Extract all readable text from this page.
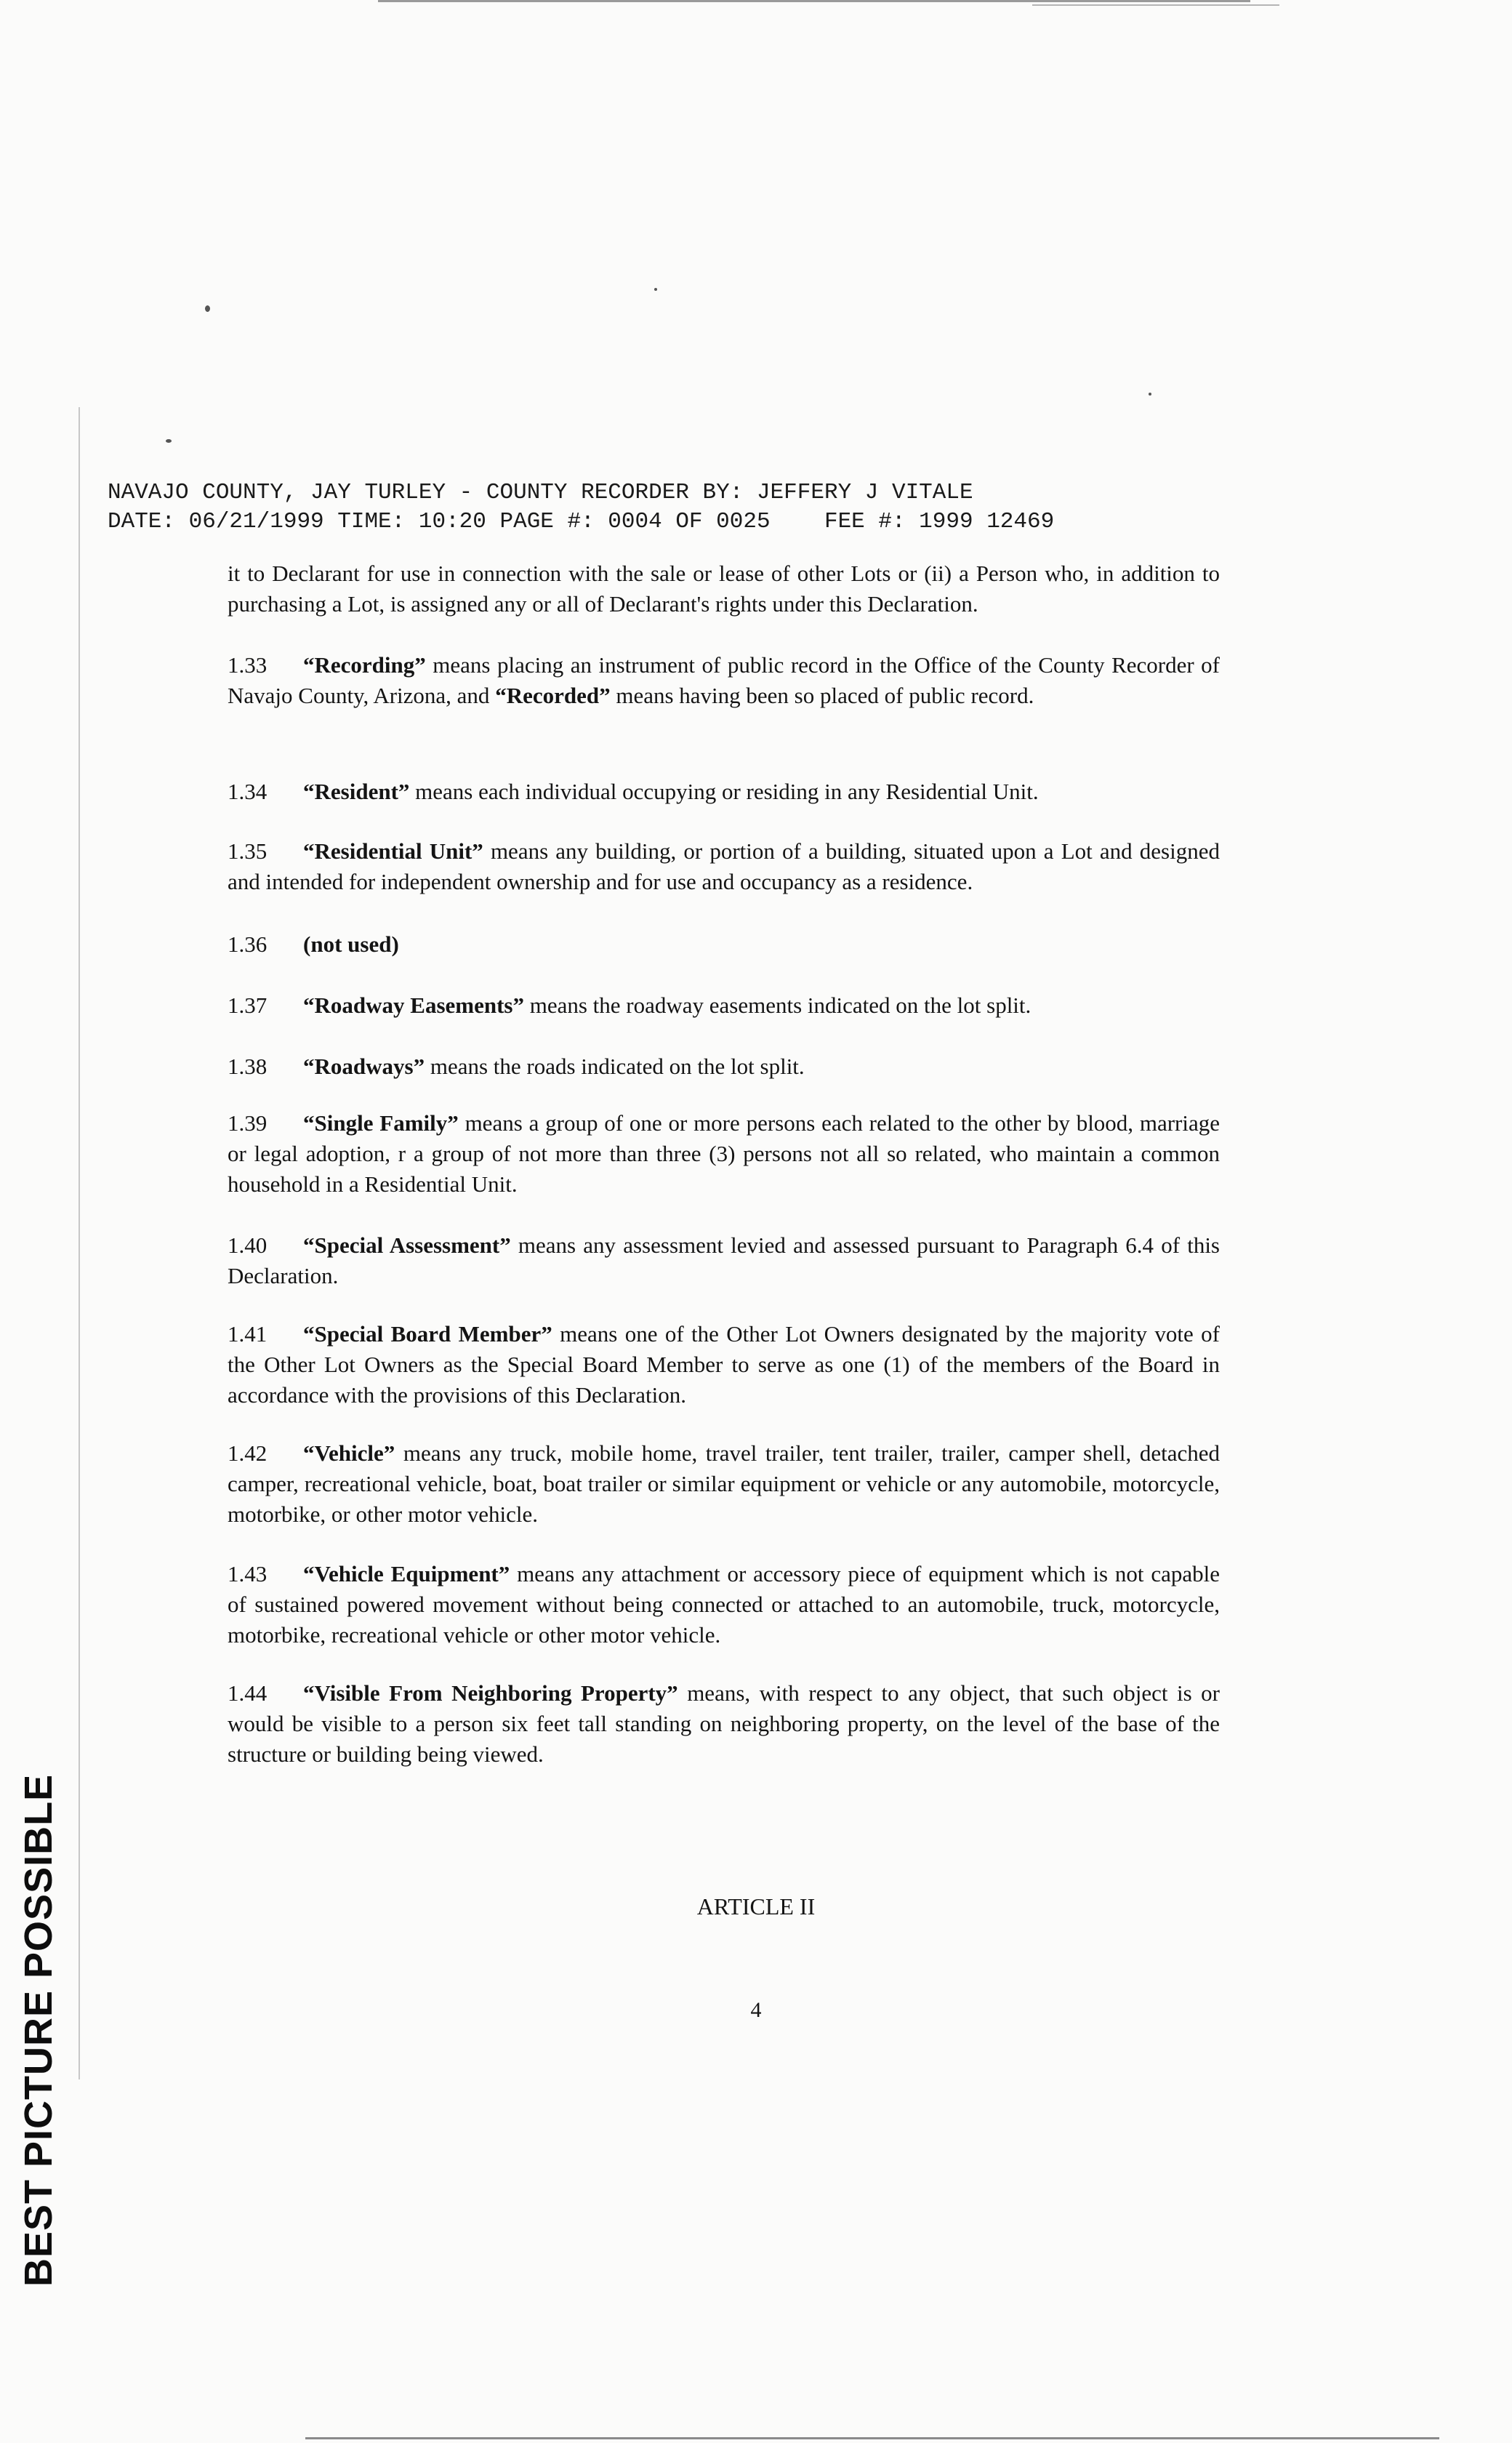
NAVAJO COUNTY, JAY TURLEY - COUNTY RECORDER BY: JEFFERY J VITALE
DATE: 06/21/1999 TIME: 10:20 PAGE #: 0004 OF 0025    FEE #: 1999 12469
it to Declarant for use in connection with the sale or lease of other Lots or (ii) a Person who, in addition to purchasing a Lot, is assigned any or all of Declarant's rights under this Declaration.
1.33 “Recording” means placing an instrument of public record in the Office of the County Recorder of Navajo County, Arizona, and “Recorded” means having been so placed of public record.
1.34 “Resident” means each individual occupying or residing in any Residential Unit.
1.35 “Residential Unit” means any building, or portion of a building, situated upon a Lot and designed and intended for independent ownership and for use and occupancy as a residence.
1.36 (not used)
1.37 “Roadway Easements” means the roadway easements indicated on the lot split.
1.38 “Roadways” means the roads indicated on the lot split.
1.39 “Single Family” means a group of one or more persons each related to the other by blood, marriage or legal adoption, r a group of not more than three (3) persons not all so related, who maintain a common household in a Residential Unit.
1.40 “Special Assessment” means any assessment levied and assessed pursuant to Paragraph 6.4 of this Declaration.
1.41 “Special Board Member” means one of the Other Lot Owners designated by the majority vote of the Other Lot Owners as the Special Board Member to serve as one (1) of the members of the Board in accordance with the provisions of this Declaration.
1.42 “Vehicle” means any truck, mobile home, travel trailer, tent trailer, trailer, camper shell, detached camper, recreational vehicle, boat, boat trailer or similar equipment or vehicle or any automobile, motorcycle, motorbike, or other motor vehicle.
1.43 “Vehicle Equipment” means any attachment or accessory piece of equipment which is not capable of sustained powered movement without being connected or attached to an automobile, truck, motorcycle, motorbike, recreational vehicle or other motor vehicle.
1.44 “Visible From Neighboring Property” means, with respect to any object, that such object is or would be visible to a person six feet tall standing on neighboring property, on the level of the base of the structure or building being viewed.
ARTICLE II
4
BEST PICTURE POSSIBLE
